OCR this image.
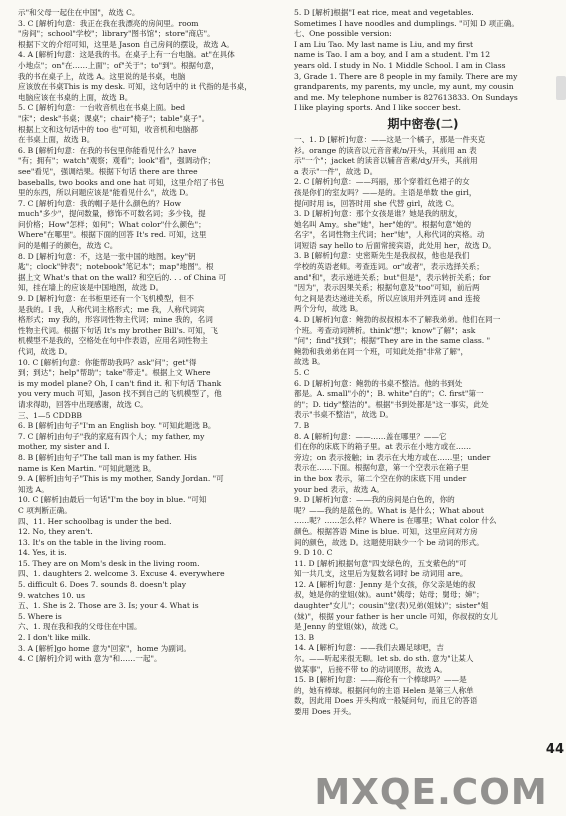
示"和父母一起住在中国"，故选 C。
3. C [解析]句意：我正在我在我漂亮的房间里。room
"房间"；school"学校"；library"图书馆"；store"商店"。
根据下文的介绍可知，这里是 Jason 自己房间的摆设，故选 A。
4. A [解析]句意：这是我的书。在桌子上有一台电脑。at"在具体
小地点"；on"在……上面"；of"关于"；to"到"。根据句意，
我的书在桌子上，故选 A。这里说的是书桌，电脑
应该放在书桌This is my desk. 可知，这句话中的 it 代指的是书桌，
电脑应该在书桌的上面，故选 B。
5. C [解析]句意：一台收音机也在书桌上面。bed
"床"；desk"书桌；课桌"；chair"椅子"；table"桌子"。
根据上文和这句话中的 too 也"可知，收音机和电脑都
在书桌上面，故选 B。
6. B [解析]句意：在我的书包里你能看见什么？have
"有；拥有"；watch"观察；观看"；look"看"，强调动作；
see"看见"，强调结果。根据下句话 there are three
baseballs, two books and one hat 可知，这里介绍了书包
里的东西，所以问题应该是"能看见什么"，故选 D。
7. C [解析]句意：我的帽子是什么颜色的？How
much"多少"，提问数量，修饰不可数名词；多少钱，提
问价格；How"怎样；如何"；What color"什么颜色"；
Where"在哪里"。根据下面的回答 It's red. 可知，这里
问的是帽子的颜色，故选 C。
8. D [解析]句意：不，这是一张中国的地图。key"钥
匙"；clock"钟表"；notebook"笔记本"；map"地图"。根
据上文 What's that on the wall? 和空后的. . . of China 可
知，挂在墙上的应该是中国地图，故选 D。
9. D [解析]句意：在书柜里还有一个飞机模型，但不
是我的。I 我，人称代词主格形式；me 我，人称代词宾
格形式；my 我的，形容词性物主代词；mine 我的，名词
性物主代词。根据下句话 It's my brother Bill's. 可知，飞
机模型不是我的，空格处在句中作表语，应用名词性物主
代词，故选 D。
10. C [解析]句意：你能帮助我吗？ask"问"；get"得
到；到达"；help"帮助"；take"带走"。根据上文 Where
is my model plane? Oh, I can't find it. 和下句话 Thank
you very much 可知，Jason 找不到自己的飞机模型了，他
请求得助，回答中出现感谢，故选 C。
三、1—5 CDDBB
6. B [解析]由句子"I'm an English boy. "可知此题选 B。
7. C [解析]由句子"我的家庭有四个人；my father, my
mother, my sister and I.
8. B [解析]由句子"The tall man is my father. His
name is Ken Martin. "可知此题选 B。
9. A [解析]由句子"This is my mother, Sandy Jordan. "可
知选 A。
10. C [解析]由最后一句话"I'm the boy in blue. "可知
C 项判断正确。
四、11. Her schoolbag is under the bed.
12. No, they aren't.
13. It's on the table in the living room.
14. Yes, it is.
15. They are on Mom's desk in the living room.
四、1. daughters 2. welcome 3. Excuse 4. everywhere
5. difficult 6. Does 7. sounds 8. doesn't play
9. watches 10. us
五、1. She is 2. Those are 3. Is; your 4. What is
5. Where is
六、1. 现在我和我的父母住在中国。
2. I don't like milk.
3. A [解析]go home 意为"回家"，home 为副词。
4. C [解析]介词 with 意为"和……一起"。
5. D [解析]根据"I eat rice, meat and vegetables.
Sometimes I have noodles and dumplings. "可知 D 项正确。
七、One possible version:
I am Liu Tao. My last name is Liu, and my first
name is Tao. I am a boy, and I am a student. I'm 12
years old. I study in No. 1 Middle School. I am in Class
3, Grade 1. There are 8 people in my family. There are my
grandparents, my parents, my uncle, my aunt, my cousin
and me. My telephone number is 827613833. On Sundays
I like playing sports. And I like soccer best.
期中密卷(二)
一、1. D [解析]句意：——这是一个橘子，那是一件夹克
衫。orange 的读音以元音音素/ɒ/开头，其前用 an 表
示"一个"；jacket 的读音以辅音音素/dʒ/开头，其前用
a 表示"一件"，故选 D。
2. C [解析]句意：——玛丽，那个穿着红色裙子的女
孩是你们的室友吗？——是的。主语是单数 the girl，
提问时用 is，回答时用 she 代替 girl，故选 C。
3. D [解析]句意：那个女孩是谁？她是我的朋友，
她名叫 Amy。she"她"，her"她的"。根据句意"她的
名字"，名词性物主代词；her"她"，人称代词的宾格。动
词短语 say hello to 后面常接宾语，此处用 her，故选 D。
3. B [解析]句意：史密斯先生是我叔叔，他也是我们
学校的英语老师。考查连词。or"或者"，表示选择关系；
and"和"，表示递进关系；but"但是"，表示转折关系；for
"因为"，表示因果关系；根据句意及"too"可知，前后两
句之间是表达递进关系，所以应该用并列连词 and 连接
两个分句，故选 B。
4. D [解析]句意：鲍勃的叔叔根本不了解我弟弟。他们在同一
个班。考查动词辨析。think"想"；know"了解"；ask
"问"；find"找到"；根据"They are in the same class. "
鲍勃和我弟弟在同一个班，可知此处指"非常了解"，
故选 B。
5. C
6. D [解析]句意：鲍勃的书桌不整洁。他的书到处
都是。A. small"小的"；B. white"白的"；C. first"第一
的"；D. tidy"整洁的"。根据"书到处都是"这一事实，此处
表示"书桌不整洁"，故选 D。
7. B
8. A [解析]句意：——……盖在哪里？——它
们在你的床底下的箱子里。at 表示在小地方或在……
旁边；on 表示接触；in 表示在大地方或在……里；under
表示在……下面。根据句意，第一个空表示在箱子里
in the box 表示，第二个空在你的床底下用 under
your bed 表示，故选 A。
9. D [解析]句意：——我的房间是白色的，你的
呢？——我的是蓝色的。What is 是什么；What about
……呢？……怎么样？Where is 在哪里；What color 什么
颜色。根据答语 Mine is blue. 可知，这里应问对方房
间的颜色，故选 D。这题使用缺少一个 be 动词的形式。
9. D 10. C
11. D [解析]根据句意"四支绿色的，五支紫色的"可
知一共几支，这里后为复数名词时 be 动词用 are。
12. A [解析]句意：Jenny 是个女孩，你父亲是她的叔
叔，她是你的堂姐(妹)。aunt"姨母；姑母；舅母；婶"；
daughter"女儿"；cousin"堂(表)兄弟(姐妹)"；sister"姐
(妹)"，根据 your father is her uncle 可知，你叔叔的女儿
是 Jenny 的堂姐(妹)，故选 C。
13. B
14. A [解析]句意：——我们去踢足球吧，吉
尔。——听起来很无聊。let sb. do sth. 意为"让某人
做某事"，后接不带 to 的动词原形，故选 A。
15. B [解析]句意：——海伦有一个棒球吗？——是
的，她有棒球。根据问句的主语 Helen 是第三人称单
数，因此用 Does 开头构成一般疑问句，而且它的答语
要用 Does 开头。
44
MXQE.COM
